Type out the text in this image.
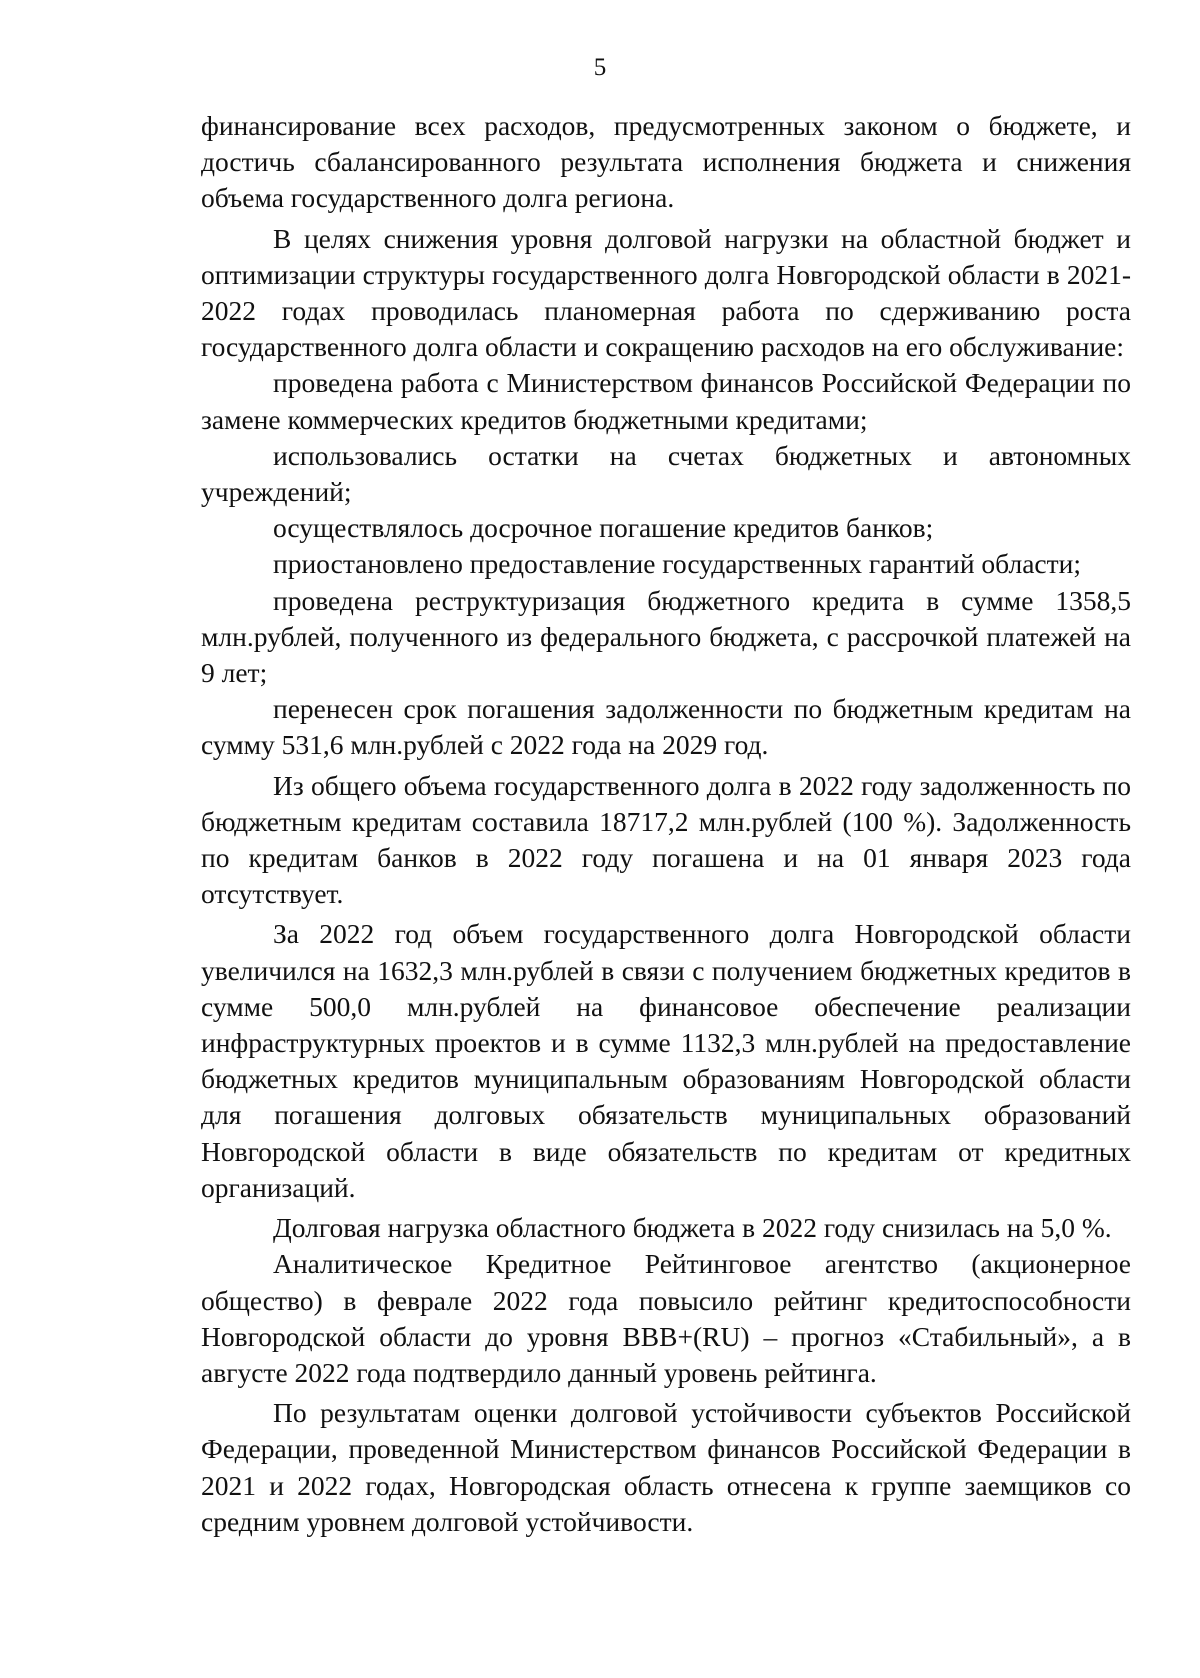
5

финансирование всех расходов, предусмотренных законом о бюджете, и достичь сбалансированного результата исполнения бюджета и снижения объема государственного долга региона.

В целях снижения уровня долговой нагрузки на областной бюджет и оптимизации структуры государственного долга Новгородской области в 2021-2022 годах проводилась планомерная работа по сдерживанию роста государственного долга области и сокращению расходов на его обслуживание:

проведена работа с Министерством финансов Российской Федерации по замене коммерческих кредитов бюджетными кредитами;

использовались остатки на счетах бюджетных и автономных учреждений;

осуществлялось досрочное погашение кредитов банков;

приостановлено предоставление государственных гарантий области;

проведена реструктуризация бюджетного кредита в сумме 1358,5 млн.рублей, полученного из федерального бюджета, с рассрочкой платежей на 9 лет;

перенесен срок погашения задолженности по бюджетным кредитам на сумму 531,6 млн.рублей с 2022 года на 2029 год.

Из общего объема государственного долга в 2022 году задолженность по бюджетным кредитам составила 18717,2 млн.рублей (100 %). Задолженность по кредитам банков в 2022 году погашена и на 01 января 2023 года отсутствует.

За 2022 год объем государственного долга Новгородской области увеличился на 1632,3 млн.рублей в связи с получением бюджетных кредитов в сумме 500,0 млн.рублей на финансовое обеспечение реализации инфраструктурных проектов и в сумме 1132,3 млн.рублей на предоставление бюджетных кредитов муниципальным образованиям Новгородской области для погашения долговых обязательств муниципальных образований Новгородской области в виде обязательств по кредитам от кредитных организаций.

Долговая нагрузка областного бюджета в 2022 году снизилась на 5,0 %.

Аналитическое Кредитное Рейтинговое агентство (акционерное общество) в феврале 2022 года повысило рейтинг кредитоспособности Новгородской области до уровня BBB+(RU) – прогноз «Стабильный», а в августе 2022 года подтвердило данный уровень рейтинга.

По результатам оценки долговой устойчивости субъектов Российской Федерации, проведенной Министерством финансов Российской Федерации в 2021 и 2022 годах, Новгородская область отнесена к группе заемщиков со средним уровнем долговой устойчивости.
